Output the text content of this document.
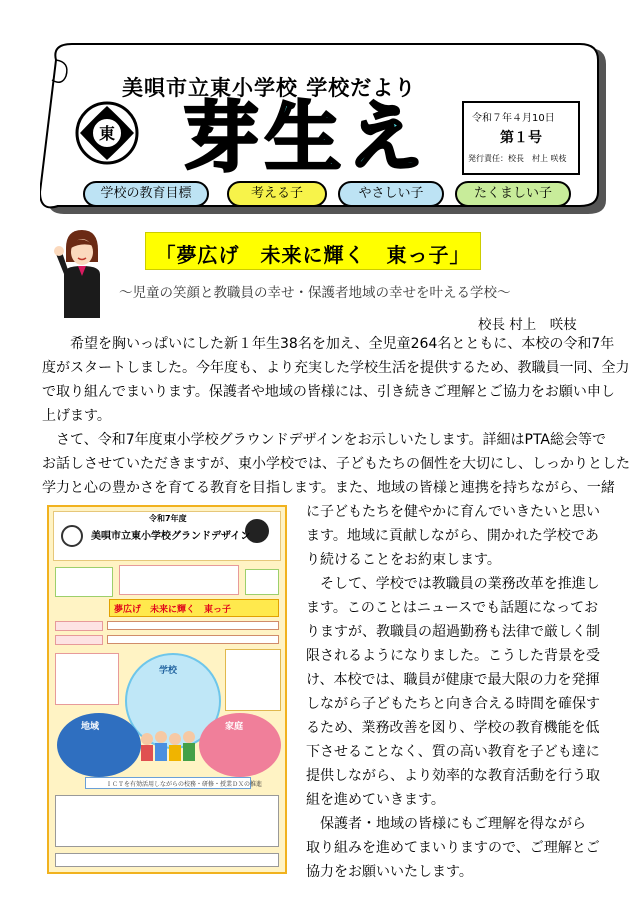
美唄市立東小学校 学校だより
東 芽生え	令和７年４月10日
第１号
発行責任：校長　村上 咲枝
学校の教育目標	考える子	やさしい子	たくましい子
「夢広げ　未来に輝く　東っ子」
～児童の笑顔と教職員の幸せ・保護者地域の幸せを叶える学校～
校長 村上　咲枝
　希望を胸いっぱいにした新１年生38名を加え、全児童264名とともに、本校の令和7年
度がスタートしました。今年度も、より充実した学校生活を提供するため、教職員一同、全力
で取り組んでまいります。保護者や地域の皆様には、引き続きご理解とご協力をお願い申し
上げます。
　さて、令和7年度東小学校グラウンドデザインをお示しいたします。詳細はPTA総会等で
お話しさせていただきますが、東小学校では、子どもたちの個性を大切にし、しっかりとした
学力と心の豊かさを育てる教育を目指します。また、地域の皆様と連携を持ちながら、一緒
に子どもたちを健やかに育んでいきたいと思い
ます。地域に貢献しながら、開かれた学校であ
り続けることをお約束します。
　そして、学校では教職員の業務改革を推進し
ます。このことはニュースでも話題になってお
りますが、教職員の超過勤務も法律で厳しく制
限されるようになりました。こうした背景を受
け、本校では、職員が健康で最大限の力を発揮
しながら子どもたちと向き合える時間を確保す
るため、業務改善を図り、学校の教育機能を低
下させることなく、質の高い教育を子ども達に
提供しながら、より効率的な教育活動を行う取
組を進めていきます。
　保護者・地域の皆様にもご理解を得ながら
取り組みを進めてまいりますので、ご理解とご
協力をお願いいたします。
令和7年度
美唄市立東小学校グランドデザイン
夢広げ　未来に輝く　東っ子
学校
地域	家庭
ＩＣＴを有効活用しながらの校務・研修・授業ＤＸの推進
